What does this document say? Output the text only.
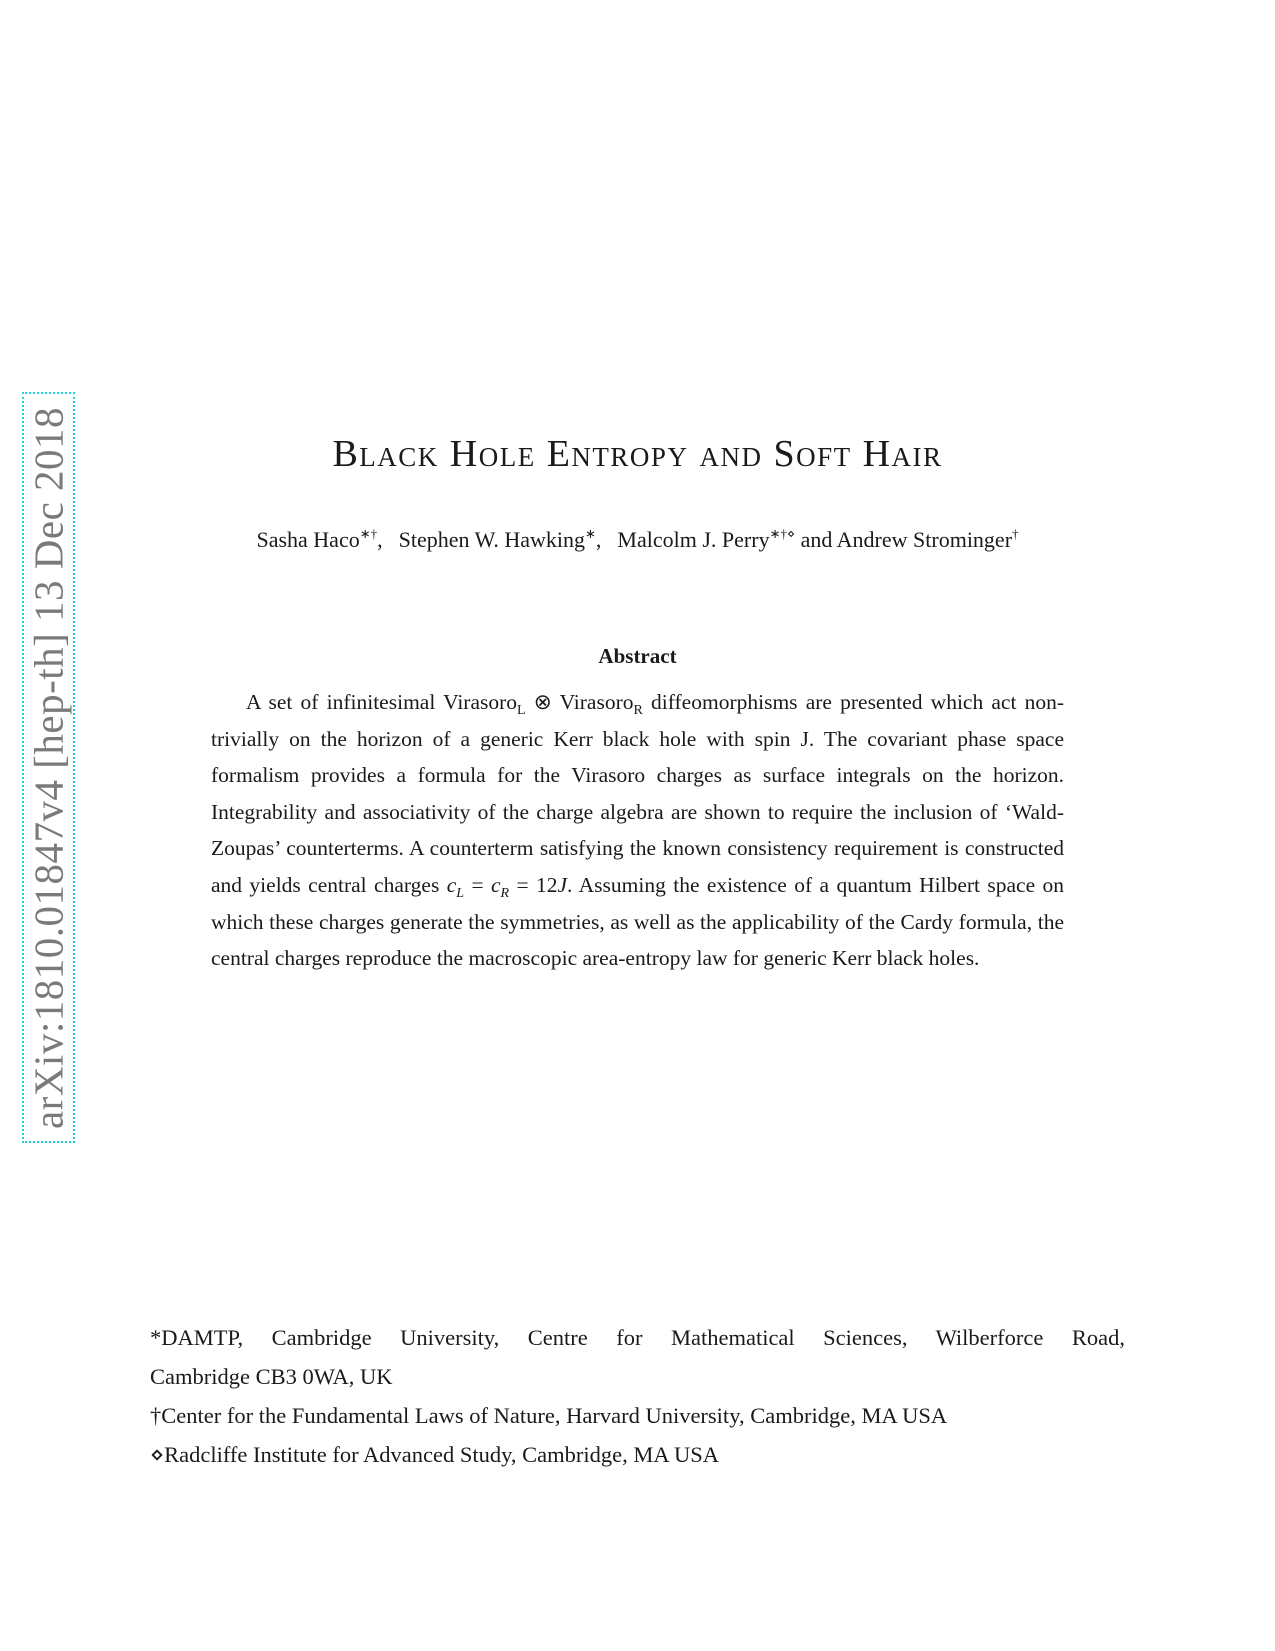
arXiv:1810.01847v4 [hep-th] 13 Dec 2018	Black Hole Entropy and Soft Hair
Sasha Haco∗†, Stephen W. Hawking∗, Malcolm J. Perry∗†⋄ and Andrew Strominger†
Abstract

A set of infinitesimal Virasoro$_L$ ⊗ Virasoro$_R$ diffeomorphisms are presented which act non-trivially on the horizon of a generic Kerr black hole with spin J. The covariant phase space formalism provides a formula for the Virasoro charges as surface integrals on the horizon. Integrability and associativity of the charge algebra are shown to require the inclusion of ‘Wald-Zoupas’ counterterms. A counterterm satisfying the known consistency requirement is constructed and yields central charges $c_L = c_R = 12J$. Assuming the existence of a quantum Hilbert space on which these charges generate the symmetries, as well as the applicability of the Cardy formula, the central charges reproduce the macroscopic area-entropy law for generic Kerr black holes.

*DAMTP, Cambridge University, Centre for Mathematical Sciences, Wilberforce Road,

Cambridge CB3 0WA, UK

†Center for the Fundamental Laws of Nature, Harvard University, Cambridge, MA USA

⋄Radcliffe Institute for Advanced Study, Cambridge, MA USA
